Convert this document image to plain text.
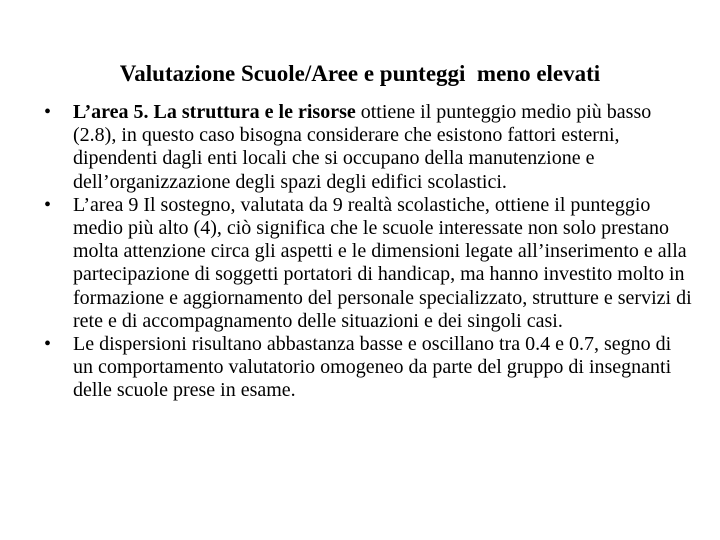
Valutazione Scuole/Aree e punteggi  meno elevati
•	L’area 5. La struttura e le risorse ottiene il punteggio medio più basso (2.8), in questo caso bisogna considerare che esistono fattori esterni, dipendenti dagli enti locali che si occupano della manutenzione e dell’organizzazione degli spazi degli edifici scolastici.
•	L’area 9 Il sostegno, valutata da 9 realtà scolastiche, ottiene il punteggio medio più alto (4), ciò significa che le scuole interessate non solo prestano molta attenzione circa gli aspetti e le dimensioni legate all’inserimento e alla partecipazione di soggetti portatori di handicap, ma hanno investito molto in formazione e aggiornamento del personale specializzato, strutture e servizi di rete e di accompagnamento delle situazioni e dei singoli casi.
•	Le dispersioni risultano abbastanza basse e oscillano tra 0.4 e 0.7, segno di un comportamento valutatorio omogeneo da parte del gruppo di insegnanti delle scuole prese in esame.
